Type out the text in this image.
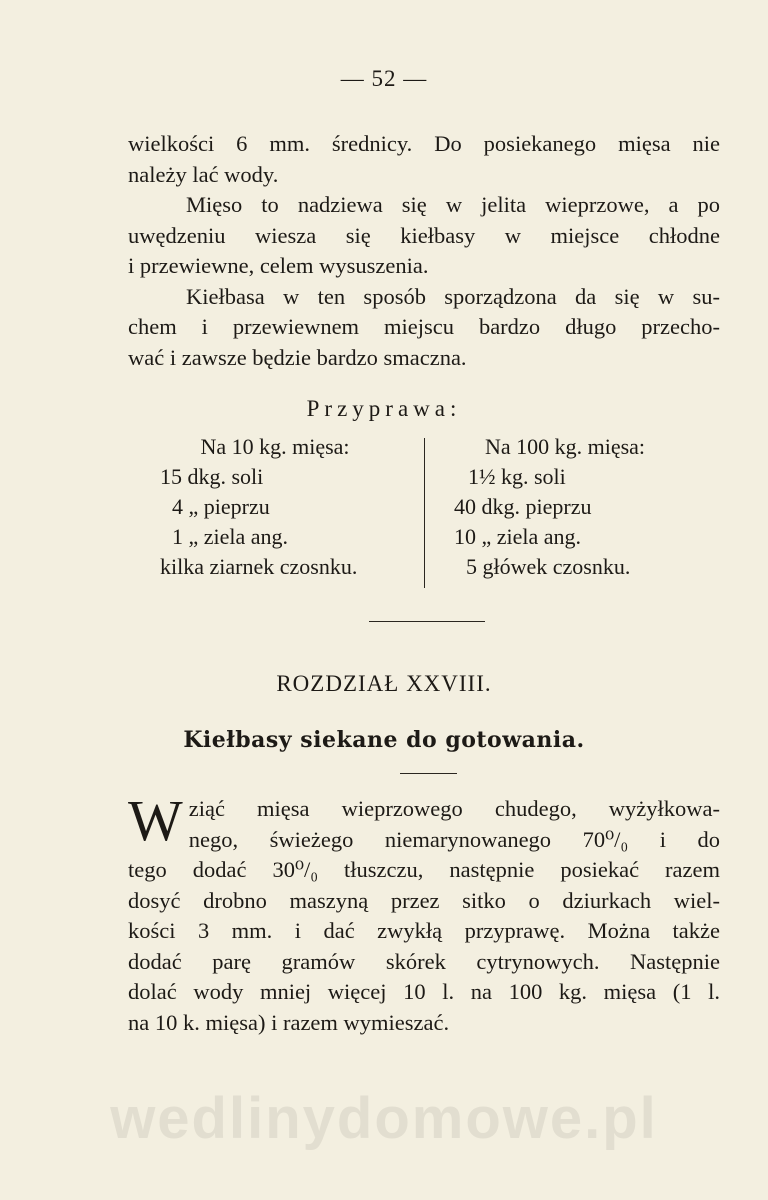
— 52 —

wielkości 6 mm. średnicy. Do posiekanego mięsa nie

należy lać wody.

Mięso to nadziewa się w jelita wieprzowe, a po

uwędzeniu wiesza się kiełbasy w miejsce chłodne

i przewiewne, celem wysuszenia.

Kiełbasa w ten sposób sporządzona da się w su-

chem i przewiewnem miejscu bardzo długo przecho-

wać i zawsze będzie bardzo smaczna.

Przyprawa:
Na 10 kg. mięsa:
15 dkg. soli
4 „ pieprzu
1 „ ziela ang.
kilka ziarnek czosnku.
Na 100 kg. mięsa:
1½ kg. soli
40 dkg. pieprzu
10 „ ziela ang.
5 główek czosnku.
ROZDZIAŁ XXVIII.
Kiełbasy siekane do gotowania.
W ziąć mięsa wieprzowego chudego, wyżyłkowa-

nego, świeżego niemarynowanego 70⁰/₀ i do

tego dodać 30⁰/₀ tłuszczu, następnie posiekać razem

dosyć drobno maszyną przez sitko o dziurkach wiel-

kości 3 mm. i dać zwykłą przyprawę. Można także

dodać parę gramów skórek cytrynowych. Następnie

dolać wody mniej więcej 10 l. na 100 kg. mięsa (1 l.

na 10 k. mięsa) i razem wymieszać.

wedlinydomowe.pl
